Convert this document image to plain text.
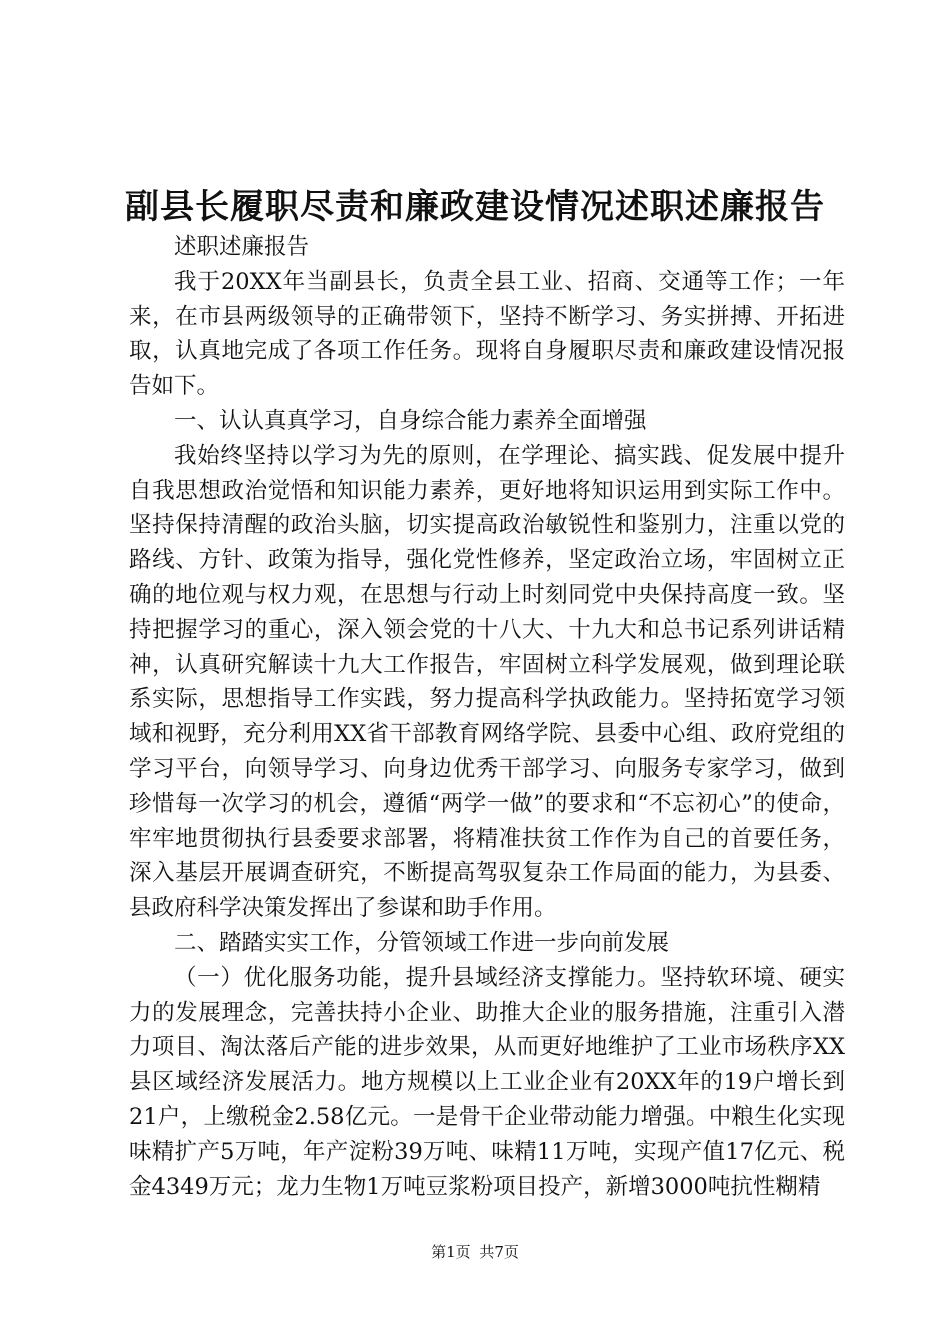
副县长履职尽责和廉政建设情况述职述廉报告

述职述廉报告

我于20XX年当副县长，负责全县工业、招商、交通等工作；一年来，在市县两级领导的正确带领下，坚持不断学习、务实拼搏、开拓进取，认真地完成了各项工作任务。现将自身履职尽责和廉政建设情况报告如下。

一、认认真真学习，自身综合能力素养全面增强

我始终坚持以学习为先的原则，在学理论、搞实践、促发展中提升自我思想政治觉悟和知识能力素养，更好地将知识运用到实际工作中。坚持保持清醒的政治头脑，切实提高政治敏锐性和鉴别力，注重以党的路线、方针、政策为指导，强化党性修养，坚定政治立场，牢固树立正确的地位观与权力观，在思想与行动上时刻同党中央保持高度一致。坚持把握学习的重心，深入领会党的十八大、十九大和总书记系列讲话精神，认真研究解读十九大工作报告，牢固树立科学发展观，做到理论联系实际，思想指导工作实践，努力提高科学执政能力。坚持拓宽学习领域和视野，充分利用XX省干部教育网络学院、县委中心组、政府党组的学习平台，向领导学习、向身边优秀干部学习、向服务专家学习，做到珍惜每一次学习的机会，遵循“两学一做”的要求和“不忘初心”的使命，牢牢地贯彻执行县委要求部署，将精准扶贫工作作为自己的首要任务，深入基层开展调查研究，不断提高驾驭复杂工作局面的能力，为县委、县政府科学决策发挥出了参谋和助手作用。

二、踏踏实实工作，分管领域工作进一步向前发展

（一）优化服务功能，提升县域经济支撑能力。坚持软环境、硬实力的发展理念，完善扶持小企业、助推大企业的服务措施，注重引入潜力项目、淘汰落后产能的进步效果，从而更好地维护了工业市场秩序XX县区域经济发展活力。地方规模以上工业企业有20XX年的19户增长到21户，上缴税金2.58亿元。一是骨干企业带动能力增强。中粮生化实现味精扩产5万吨，年产淀粉39万吨、味精11万吨，实现产值17亿元、税金4349万元；龙力生物1万吨豆浆粉项目投产，新增3000吨抗性糊精

第1页 共7页
